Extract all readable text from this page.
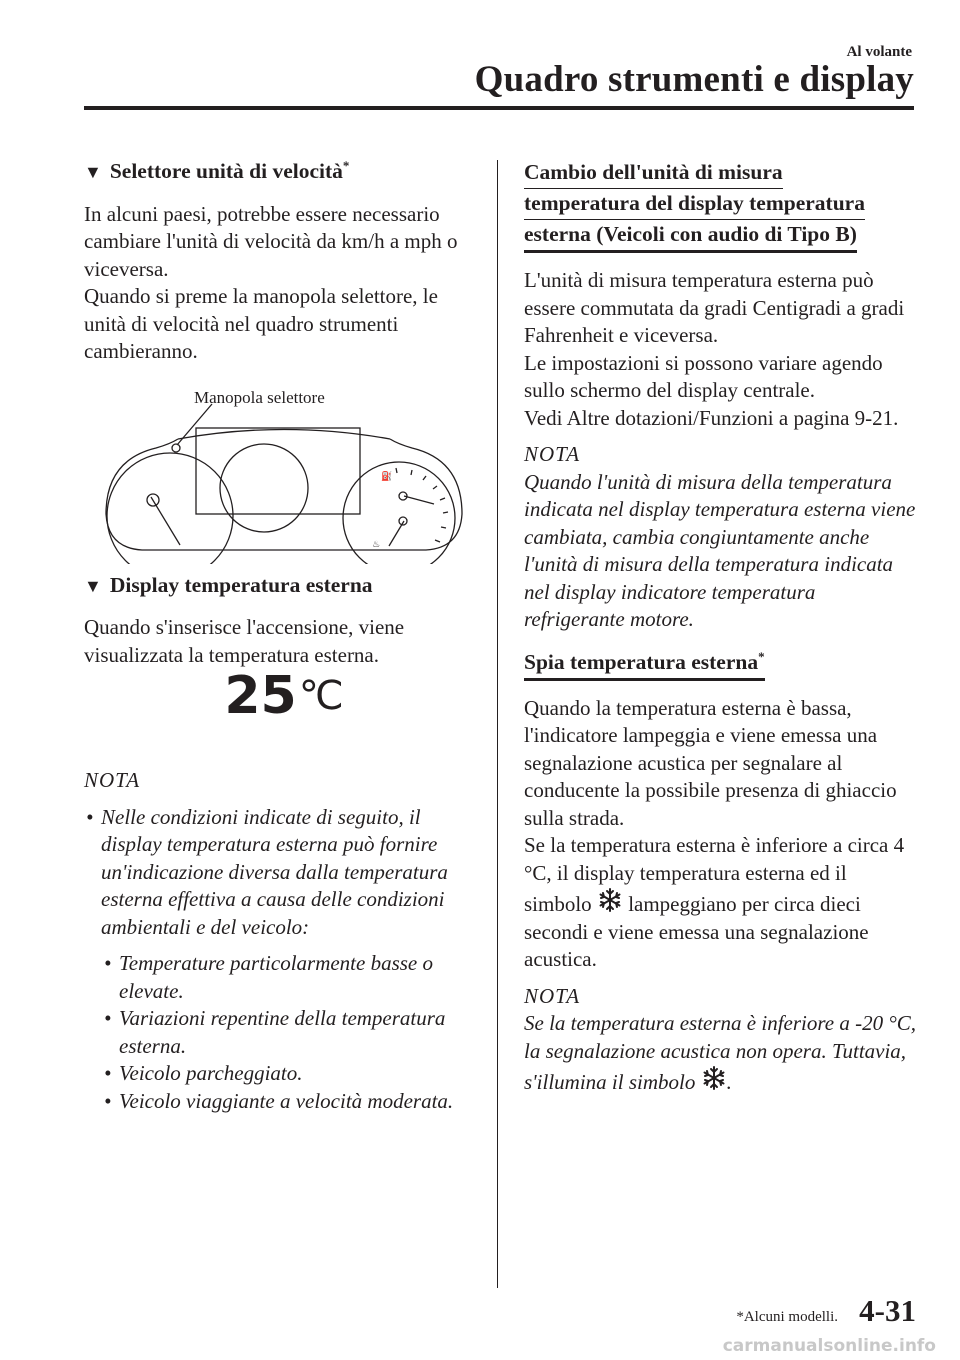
Al volante
Quadro strumenti e display
▼ Selettore unità di velocità*

In alcuni paesi, potrebbe essere necessario cambiare l'unità di velocità da km/h a mph o viceversa.

Quando si preme la manopola selettore, le unità di velocità nel quadro strumenti cambieranno.

Manopola selettore
⛽
♨
▼ Display temperatura esterna

Quando s'inserisce l'accensione, viene visualizzata la temperatura esterna.

25℃

NOTA

• Nelle condizioni indicate di seguito, il display temperatura esterna può fornire un'indicazione diversa dalla temperatura esterna effettiva a causa delle condizioni ambientali e del veicolo:
• Temperature particolarmente basse o elevate.
• Variazioni repentine della temperatura esterna.
• Veicolo parcheggiato.
• Veicolo viaggiante a velocità moderata.
Cambio dell'unità di misura
temperatura del display temperatura
esterna (Veicoli con audio di Tipo B)

L'unità di misura temperatura esterna può essere commutata da gradi Centigradi a gradi Fahrenheit e viceversa.

Le impostazioni si possono variare agendo sullo schermo del display centrale.

Vedi Altre dotazioni/Funzioni a pagina 9-21.

NOTA

Quando l'unità di misura della temperatura indicata nel display temperatura esterna viene cambiata, cambia congiuntamente anche l'unità di misura della temperatura indicata nel display indicatore temperatura refrigerante motore.

Spia temperatura esterna*

Quando la temperatura esterna è bassa, l'indicatore lampeggia e viene emessa una segnalazione acustica per segnalare al conducente la possibile presenza di ghiaccio sulla strada.

Se la temperatura esterna è inferiore a circa 4 °C, il display temperatura esterna ed il simbolo lampeggiano per circa dieci secondi e viene emessa una segnalazione acustica.

NOTA

Se la temperatura esterna è inferiore a -20 °C, la segnalazione acustica non opera. Tuttavia, s'illumina il simbolo .

*Alcuni modelli. 4-31
carmanualsonline.info
